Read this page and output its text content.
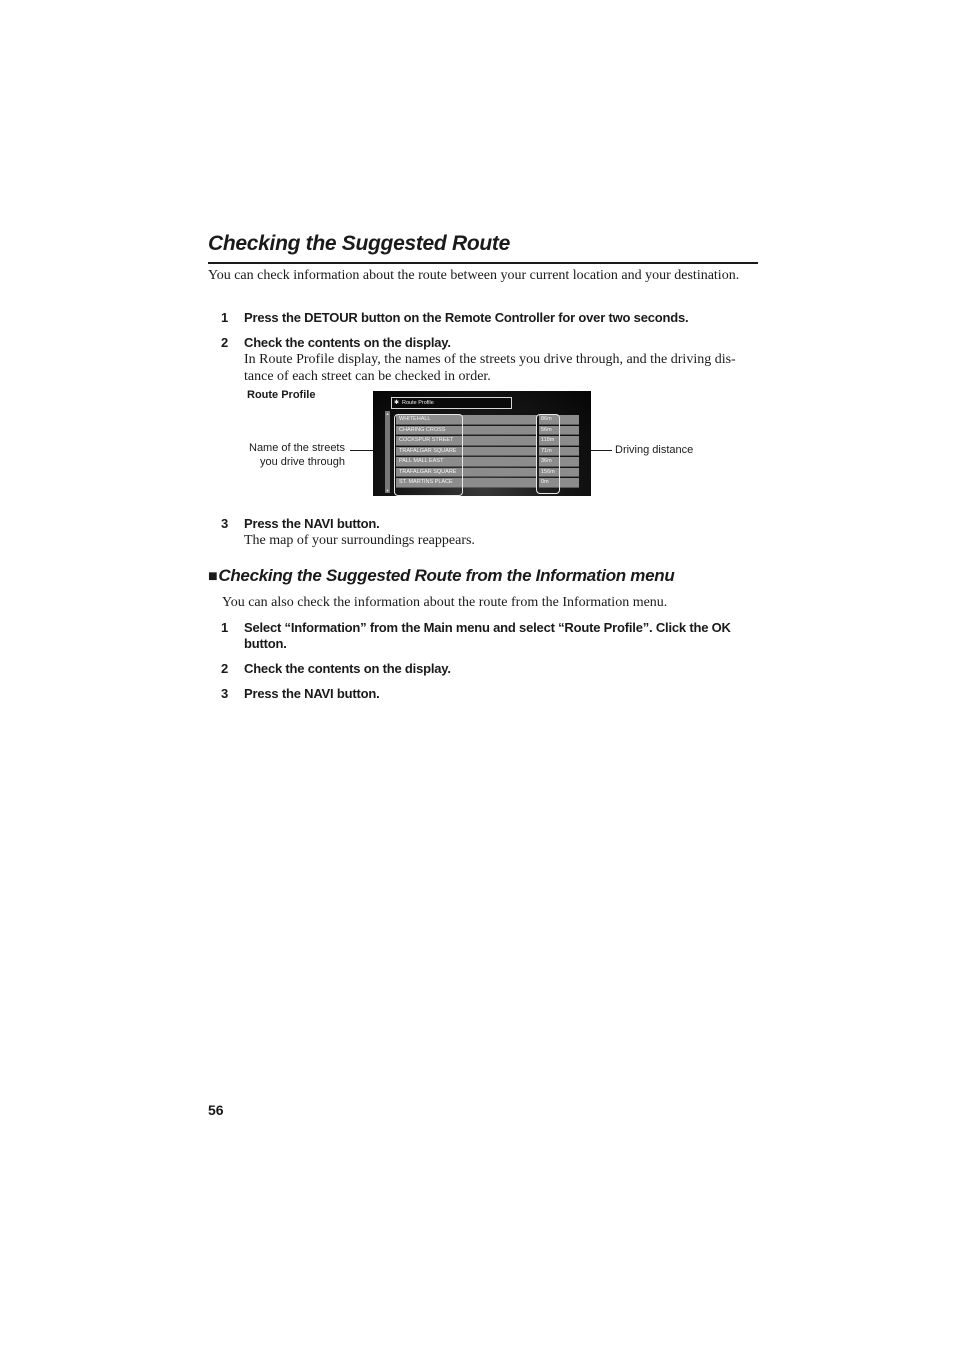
Checking the Suggested Route
You can check information about the route between your current location and your destination.
1 Press the DETOUR button on the Remote Controller for over two seconds.
2 Check the contents on the display.
In Route Profile display, the names of the streets you drive through, and the driving dis-
tance of each street can be checked in order.
Route Profile
Name of the streets
you drive through
Driving distance
✱ Route Profile
▲
▼
WHITEHALL	86m
CHARING CROSS	56m
COCKSPUR STREET	118m
TRAFALGAR SQUARE	71m
PALL MALL EAST	36m
TRAFALGAR SQUARE	156m
ST. MARTINS PLACE	0m
3 Press the NAVI button.
The map of your surroundings reappears.
■Checking the Suggested Route from the Information menu
You can also check the information about the route from the Information menu.
1 Select “Information” from the Main menu and select “Route Profile”. Click the OK
button.
2 Check the contents on the display.
3 Press the NAVI button.
56
